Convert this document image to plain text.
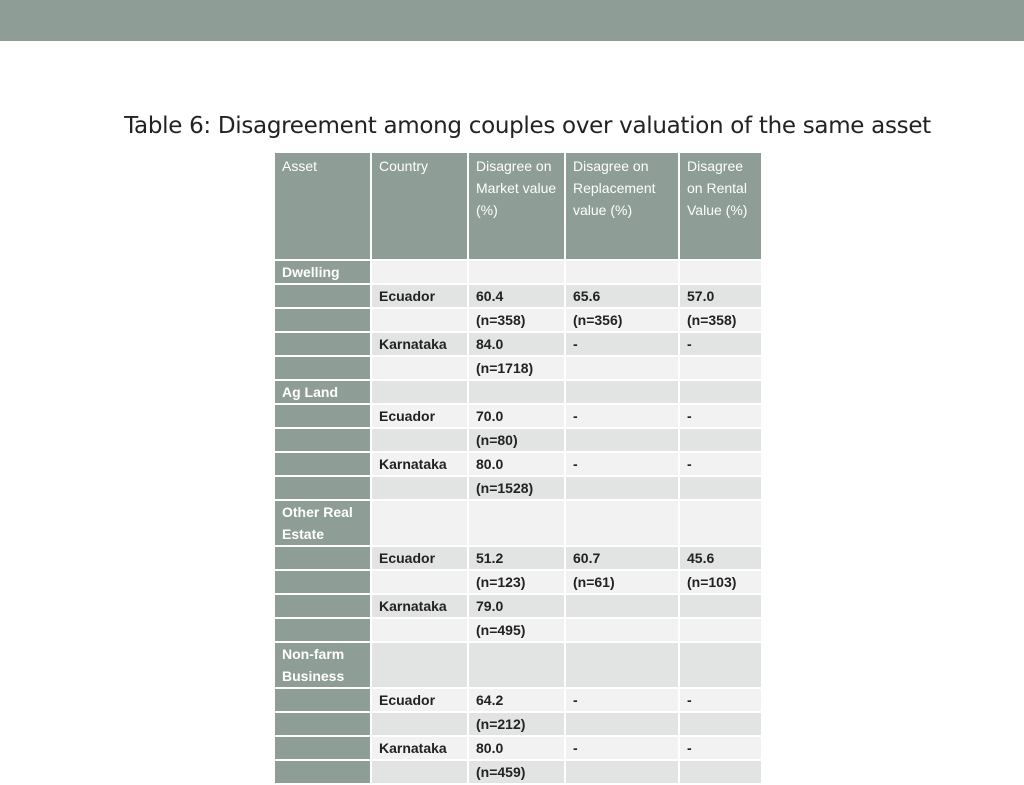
Table 6: Disagreement among couples over valuation of the same asset
Asset	Country	Disagree on Market value (%)	Disagree on Replacement value (%)	Disagree on Rental Value (%)
Dwelling				
	Ecuador	60.4	65.6	57.0
		(n=358)	(n=356)	(n=358)
	Karnataka	84.0	-	-
		(n=1718)		
Ag Land				
	Ecuador	70.0	-	-
		(n=80)		
	Karnataka	80.0	-	-
		(n=1528)		
Other Real Estate				
	Ecuador	51.2	60.7	45.6
		(n=123)	(n=61)	(n=103)
	Karnataka	79.0		
		(n=495)		
Non-farm Business				
	Ecuador	64.2	-	-
		(n=212)		
	Karnataka	80.0	-	-
		(n=459)		
